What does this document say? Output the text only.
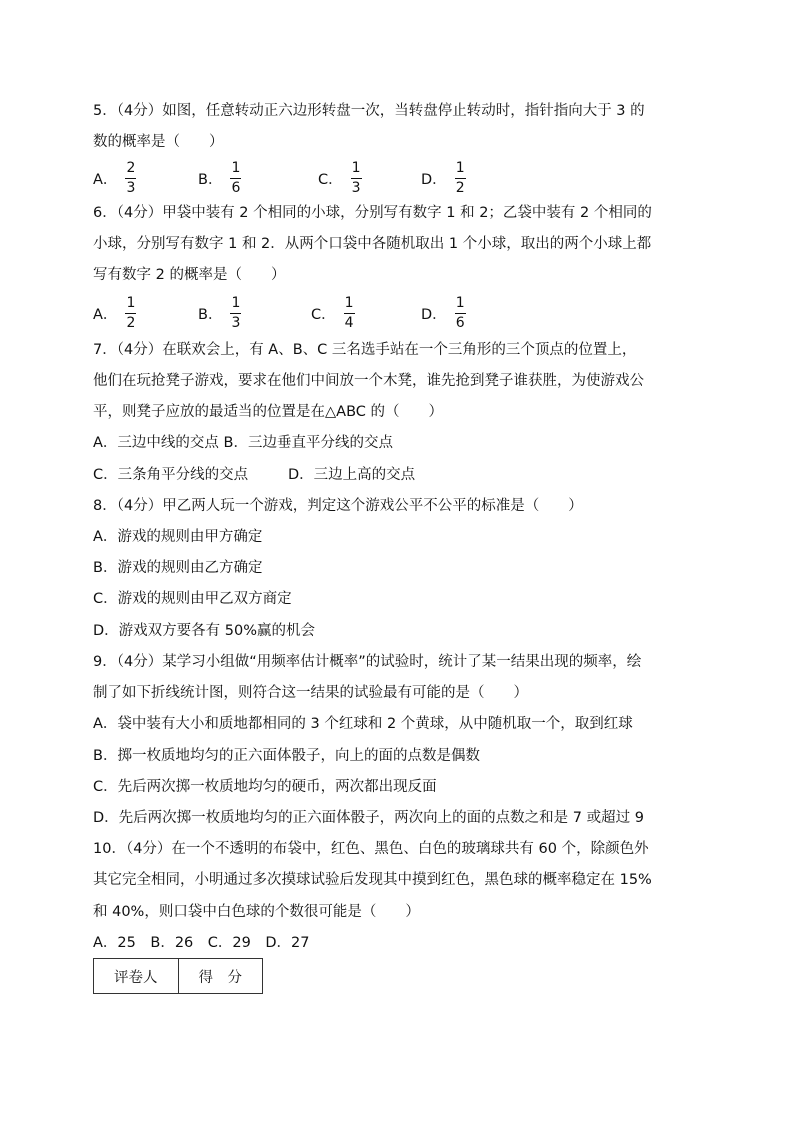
5．（4分）如图，任意转动正六边形转盘一次，当转盘停止转动时，指针指向大于 3 的
数的概率是（　　）
A． $\frac{2}{3}$	B． $\frac{1}{6}$	C． $\frac{1}{3}$	D． $\frac{1}{2}$
6．（4分）甲袋中装有 2 个相同的小球，分别写有数字 1 和 2；乙袋中装有 2 个相同的
小球，分别写有数字 1 和 2．从两个口袋中各随机取出 1 个小球，取出的两个小球上都
写有数字 2 的概率是（　　）
A． $\frac{1}{2}$	B． $\frac{1}{3}$	C． $\frac{1}{4}$	D． $\frac{1}{6}$
7．（4分）在联欢会上，有 A、B、C 三名选手站在一个三角形的三个顶点的位置上，
他们在玩抢凳子游戏，要求在他们中间放一个木凳，谁先抢到凳子谁获胜，为使游戏公
平，则凳子应放的最适当的位置是在△ABC 的（　　）
A．三边中线的交点 B．三边垂直平分线的交点
C．三条角平分线的交点	D．三边上高的交点
8．（4分）甲乙两人玩一个游戏，判定这个游戏公平不公平的标准是（　　）
A．游戏的规则由甲方确定
B．游戏的规则由乙方确定
C．游戏的规则由甲乙双方商定
D．游戏双方要各有 50%赢的机会
9．（4分）某学习小组做“用频率估计概率”的试验时，统计了某一结果出现的频率，绘
制了如下折线统计图，则符合这一结果的试验最有可能的是（　　）
A．袋中装有大小和质地都相同的 3 个红球和 2 个黄球，从中随机取一个，取到红球
B．掷一枚质地均匀的正六面体骰子，向上的面的点数是偶数
C．先后两次掷一枚质地均匀的硬币，两次都出现反面
D．先后两次掷一枚质地均匀的正六面体骰子，两次向上的面的点数之和是 7 或超过 9
10．（4分）在一个不透明的布袋中，红色、黑色、白色的玻璃球共有 60 个，除颜色外
其它完全相同，小明通过多次摸球试验后发现其中摸到红色，黑色球的概率稳定在 15%
和 40%，则口袋中白色球的个数很可能是（　　）
A．25　B．26　C．29　D．27
评卷人	得　分
